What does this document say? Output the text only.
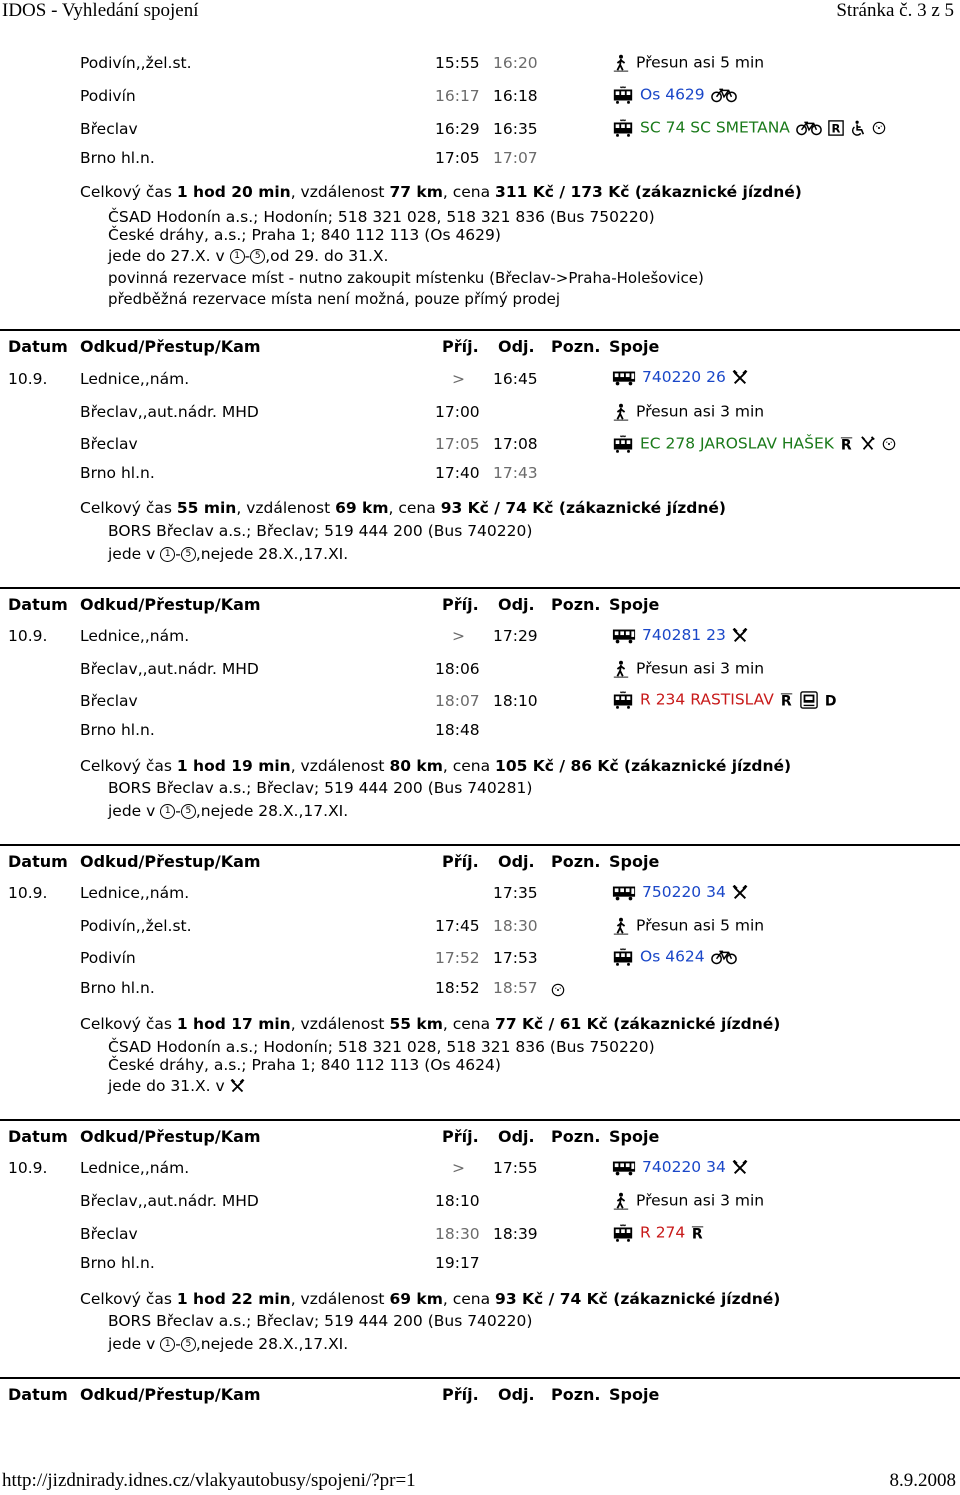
IDOS - Vyhledání spojení	Stránka č. 3 z 5
Podivín,,žel.st.	15:55 16:20	Přesun asi 5 min
Podivín	16:17 16:18	Os 4629
Břeclav	16:29 16:35	SC 74 SC SMETANA
Brno hl.n.	17:05 17:07
Celkový čas 1 hod 20 min, vzdálenost 77 km, cena 311 Kč / 173 Kč (zákaznické jízdné)
ČSAD Hodonín a.s.; Hodonín; 518 321 028, 518 321 836 (Bus 750220)
České dráhy, a.s.; Praha 1; 840 112 113 (Os 4629)
jede do 27.X. v 1 - 5 ,od 29. do 31.X.
povinná rezervace míst - nutno zakoupit místenku (Břeclav->Praha-Holešovice)
předběžná rezervace místa není možná, pouze přímý prodej
Datum Odkud/Přestup/Kam	Příj. Odj. Pozn. Spoje
10.9. Lednice,,nám.	> 16:45	740220 26
Břeclav,,aut.nádr. MHD	17:00	Přesun asi 3 min
Břeclav	17:05 17:08	EC 278 JAROSLAV HAŠEK
Brno hl.n.	17:40 17:43
Celkový čas 55 min, vzdálenost 69 km, cena 93 Kč / 74 Kč (zákaznické jízdné)
BORS Břeclav a.s.; Břeclav; 519 444 200 (Bus 740220)
jede v 1 - 5 ,nejede 28.X.,17.XI.
Datum Odkud/Přestup/Kam	Příj. Odj. Pozn. Spoje
10.9. Lednice,,nám.	> 17:29	740281 23
Břeclav,,aut.nádr. MHD	18:06	Přesun asi 3 min
Břeclav	18:07 18:10	R 234 RASTISLAV
Brno hl.n.	18:48
Celkový čas 1 hod 19 min, vzdálenost 80 km, cena 105 Kč / 86 Kč (zákaznické jízdné)
BORS Břeclav a.s.; Břeclav; 519 444 200 (Bus 740281)
jede v 1 - 5 ,nejede 28.X.,17.XI.
Datum Odkud/Přestup/Kam	Příj. Odj. Pozn. Spoje
10.9. Lednice,,nám.	17:35	750220 34
Podivín,,žel.st.	17:45 18:30	Přesun asi 5 min
Podivín	17:52 17:53	Os 4624
Brno hl.n.	18:52 18:57
Celkový čas 1 hod 17 min, vzdálenost 55 km, cena 77 Kč / 61 Kč (zákaznické jízdné)
ČSAD Hodonín a.s.; Hodonín; 518 321 028, 518 321 836 (Bus 750220)
České dráhy, a.s.; Praha 1; 840 112 113 (Os 4624)
jede do 31.X. v
Datum Odkud/Přestup/Kam	Příj. Odj. Pozn. Spoje
10.9. Lednice,,nám.	> 17:55	740220 34
Břeclav,,aut.nádr. MHD	18:10	Přesun asi 3 min
Břeclav	18:30 18:39	R 274
Brno hl.n.	19:17
Celkový čas 1 hod 22 min, vzdálenost 69 km, cena 93 Kč / 74 Kč (zákaznické jízdné)
BORS Břeclav a.s.; Břeclav; 519 444 200 (Bus 740220)
jede v 1 - 5 ,nejede 28.X.,17.XI.
Datum Odkud/Přestup/Kam	Příj. Odj. Pozn. Spoje
http://jizdnirady.idnes.cz/vlakyautobusy/spojeni/?pr=1	8.9.2008
